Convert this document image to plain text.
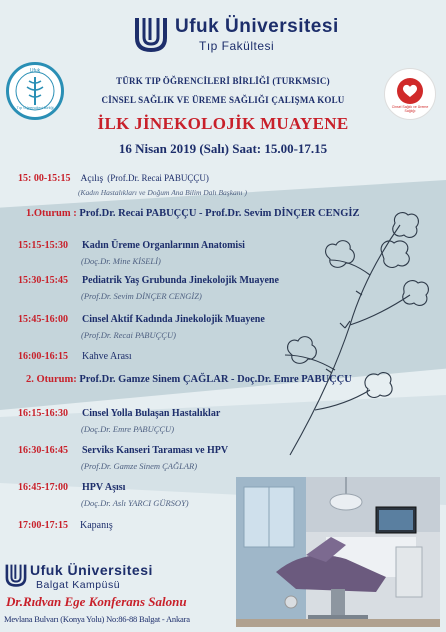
Ufuk Üniversitesi
Tıp Fakültesi
Ufuk
Tıp Öğrencileri Birliği	Cinsel Sağlık ve Üreme Sağlığı
TÜRK TIP ÖĞRENCİLERİ BİRLİĞİ (TURKMSIC)
CİNSEL SAĞLIK VE ÜREME SAĞLIĞI ÇALIŞMA KOLU
İLK JİNEKOLOJİK MUAYENE
16 Nisan 2019 (Salı) Saat: 15.00-17.15
15: 00-15:15 Açılış (Prof.Dr. Recai PABUÇÇU)
(Kadın Hastalıkları ve Doğum Ana Bilim Dalı Başkanı )
1.Oturum : Prof.Dr. Recai PABUÇÇU - Prof.Dr. Sevim DİNÇER CENGİZ
15:15-15:30 Kadın Üreme Organlarının Anatomisi
(Doç.Dr. Mine KİSELİ)
15:30-15:45 Pediatrik Yaş Grubunda Jinekolojik Muayene
(Prof.Dr. Sevim DİNÇER CENGİZ)
15:45-16:00 Cinsel Aktif Kadında Jinekolojik Muayene
(Prof.Dr. Recai PABUÇÇU)
16:00-16:15 Kahve Arası
2. Oturum: Prof.Dr. Gamze Sinem ÇAĞLAR - Doç.Dr. Emre PABUÇÇU
16:15-16:30 Cinsel Yolla Bulaşan Hastalıklar
(Doç.Dr. Emre PABUÇÇU)
16:30-16:45 Serviks Kanseri Taraması ve HPV
(Prof.Dr. Gamze Sinem ÇAĞLAR)
16:45-17:00 HPV Aşısı
(Doç.Dr. Aslı YARCI GÜRSOY)
17:00-17:15 Kapanış
Ufuk Üniversitesi
Balgat Kampüsü
Dr.Rıdvan Ege Konferans Salonu
Mevlana Bulvarı (Konya Yolu) No:86-88 Balgat - Ankara
